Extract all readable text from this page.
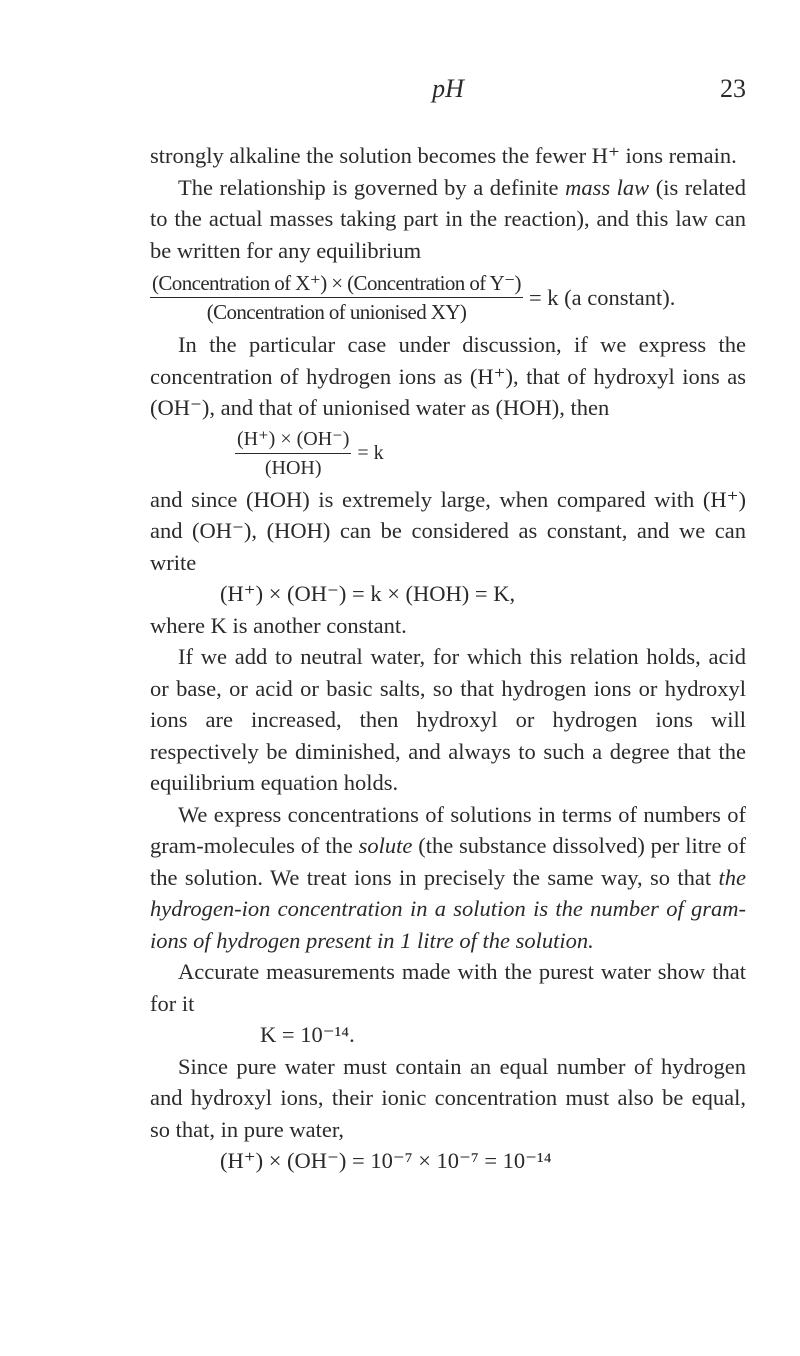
pH	23

strongly alkaline the solution becomes the fewer H⁺ ions remain.

The relationship is governed by a definite mass law (is related to the actual masses taking part in the reaction), and this law can be written for any equilibrium

$\frac{\text{(Concentration of X⁺) × (Concentration of Y⁻)}}{\text{(Concentration of unionised XY)}} = k$ (a constant).

In the particular case under discussion, if we express the concentration of hydrogen ions as (H⁺), that of hydroxyl ions as (OH⁻), and that of unionised water as (HOH), then

$\frac{(H^+) \times (OH^-)}{\text{(HOH)}} = k$

and since (HOH) is extremely large, when compared with (H⁺) and (OH⁻), (HOH) can be considered as constant, and we can write

(H⁺) × (OH⁻) = k × (HOH) = K,

where K is another constant.

If we add to neutral water, for which this relation holds, acid or base, or acid or basic salts, so that hydrogen ions or hydroxyl ions are increased, then hydroxyl or hydrogen ions will respectively be diminished, and always to such a degree that the equilibrium equation holds.

We express concentrations of solutions in terms of numbers of gram-molecules of the solute (the substance dissolved) per litre of the solution. We treat ions in precisely the same way, so that the hydrogen-ion concentration in a solution is the number of gram-ions of hydrogen present in 1 litre of the solution.

Accurate measurements made with the purest water show that for it

K = 10⁻¹⁴.

Since pure water must contain an equal number of hydrogen and hydroxyl ions, their ionic concentration must also be equal, so that, in pure water,

(H⁺) × (OH⁻) = 10⁻⁷ × 10⁻⁷ = 10⁻¹⁴
